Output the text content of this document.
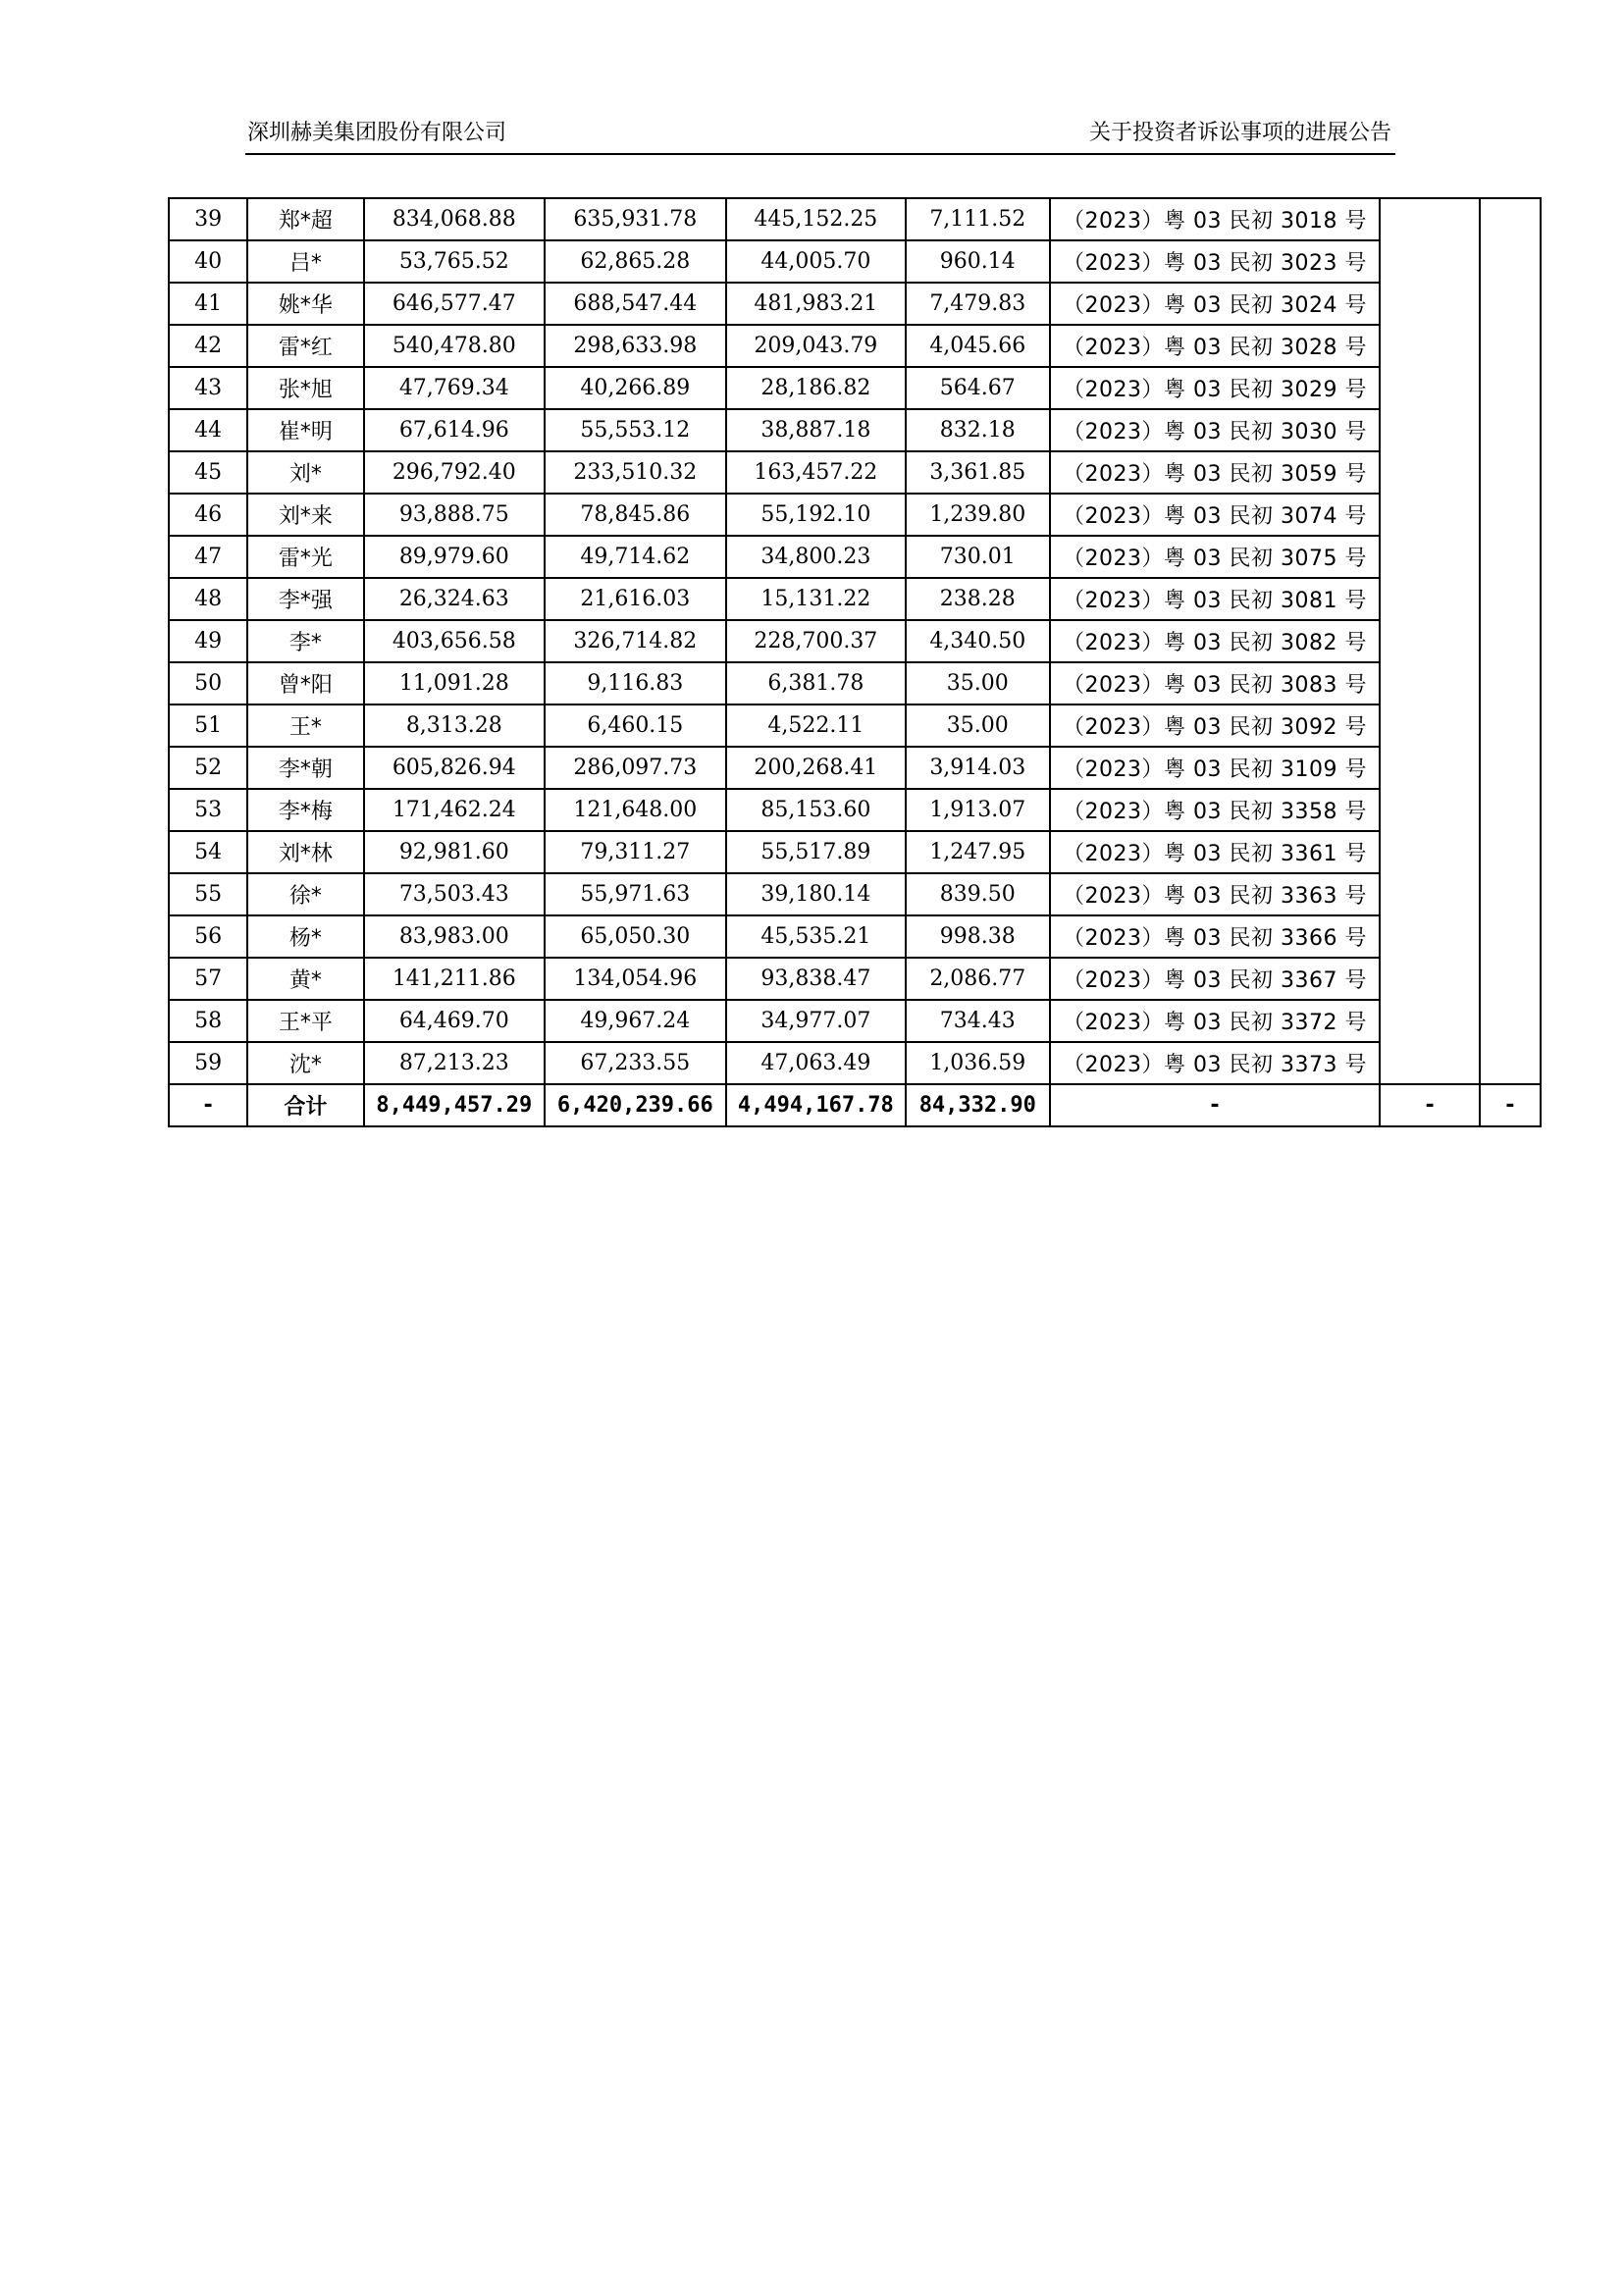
深圳赫美集团股份有限公司	关于投资者诉讼事项的进展公告
39	郑*超	834,068.88	635,931.78	445,152.25	7,111.52	（2023）粤 03 民初 3018 号		
40	吕*	53,765.52	62,865.28	44,005.70	960.14	（2023）粤 03 民初 3023 号		
41	姚*华	646,577.47	688,547.44	481,983.21	7,479.83	（2023）粤 03 民初 3024 号		
42	雷*红	540,478.80	298,633.98	209,043.79	4,045.66	（2023）粤 03 民初 3028 号		
43	张*旭	47,769.34	40,266.89	28,186.82	564.67	（2023）粤 03 民初 3029 号		
44	崔*明	67,614.96	55,553.12	38,887.18	832.18	（2023）粤 03 民初 3030 号		
45	刘*	296,792.40	233,510.32	163,457.22	3,361.85	（2023）粤 03 民初 3059 号		
46	刘*来	93,888.75	78,845.86	55,192.10	1,239.80	（2023）粤 03 民初 3074 号		
47	雷*光	89,979.60	49,714.62	34,800.23	730.01	（2023）粤 03 民初 3075 号		
48	李*强	26,324.63	21,616.03	15,131.22	238.28	（2023）粤 03 民初 3081 号		
49	李*	403,656.58	326,714.82	228,700.37	4,340.50	（2023）粤 03 民初 3082 号		
50	曾*阳	11,091.28	9,116.83	6,381.78	35.00	（2023）粤 03 民初 3083 号		
51	王*	8,313.28	6,460.15	4,522.11	35.00	（2023）粤 03 民初 3092 号		
52	李*朝	605,826.94	286,097.73	200,268.41	3,914.03	（2023）粤 03 民初 3109 号		
53	李*梅	171,462.24	121,648.00	85,153.60	1,913.07	（2023）粤 03 民初 3358 号		
54	刘*林	92,981.60	79,311.27	55,517.89	1,247.95	（2023）粤 03 民初 3361 号		
55	徐*	73,503.43	55,971.63	39,180.14	839.50	（2023）粤 03 民初 3363 号		
56	杨*	83,983.00	65,050.30	45,535.21	998.38	（2023）粤 03 民初 3366 号		
57	黄*	141,211.86	134,054.96	93,838.47	2,086.77	（2023）粤 03 民初 3367 号		
58	王*平	64,469.70	49,967.24	34,977.07	734.43	（2023）粤 03 民初 3372 号		
59	沈*	87,213.23	67,233.55	47,063.49	1,036.59	（2023）粤 03 民初 3373 号		
-	合计	8,449,457.29	6,420,239.66	4,494,167.78	84,332.90	-	-	-
